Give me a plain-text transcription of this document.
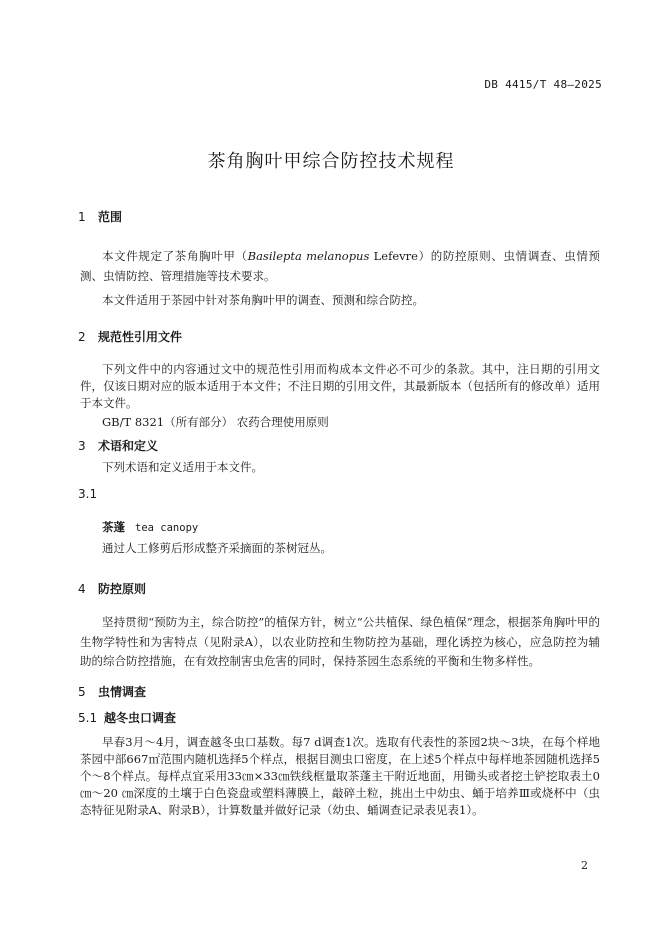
DB 4415/T 48—2025
茶角胸叶甲综合防控技术规程
1 范围
本文件规定了茶角胸叶甲（Basilepta melanopus Lefevre）的防控原则、虫情调查、虫情预测、虫情防控、管理措施等技术要求。
本文件适用于茶园中针对茶角胸叶甲的调查、预测和综合防控。
2 规范性引用文件
下列文件中的内容通过文中的规范性引用而构成本文件必不可少的条款。其中，注日期的引用文件，仅该日期对应的版本适用于本文件；不注日期的引用文件，其最新版本（包括所有的修改单）适用于本文件。
GB/T 8321（所有部分） 农药合理使用原则
3 术语和定义
下列术语和定义适用于本文件。
3.1
茶蓬 tea canopy
通过人工修剪后形成整齐采摘面的茶树冠丛。
4 防控原则
坚持贯彻“预防为主，综合防控”的植保方针，树立“公共植保、绿色植保”理念，根据茶角胸叶甲的生物学特性和为害特点（见附录A），以农业防控和生物防控为基础，理化诱控为核心，应急防控为辅助的综合防控措施，在有效控制害虫危害的同时，保持茶园生态系统的平衡和生物多样性。
5 虫情调查
5.1 越冬虫口调查
早春3月～4月，调查越冬虫口基数。每7 d调查1次。选取有代表性的茶园2块～3块，在每个样地茶园中部667㎡范围内随机选择5个样点，根据目测虫口密度，在上述5个样点中每样地茶园随机选择5个～8个样点。每样点宜采用33㎝×33㎝铁线框量取茶蓬主干附近地面，用锄头或者挖土铲挖取表土0 ㎝～20 ㎝深度的土壤于白色瓷盘或塑料薄膜上，敲碎土粒，挑出土中幼虫、蛹于培养Ⅲ或烧杯中（虫态特征见附录A、附录B），计算数量并做好记录（幼虫、蛹调查记录表见表1）。
2
